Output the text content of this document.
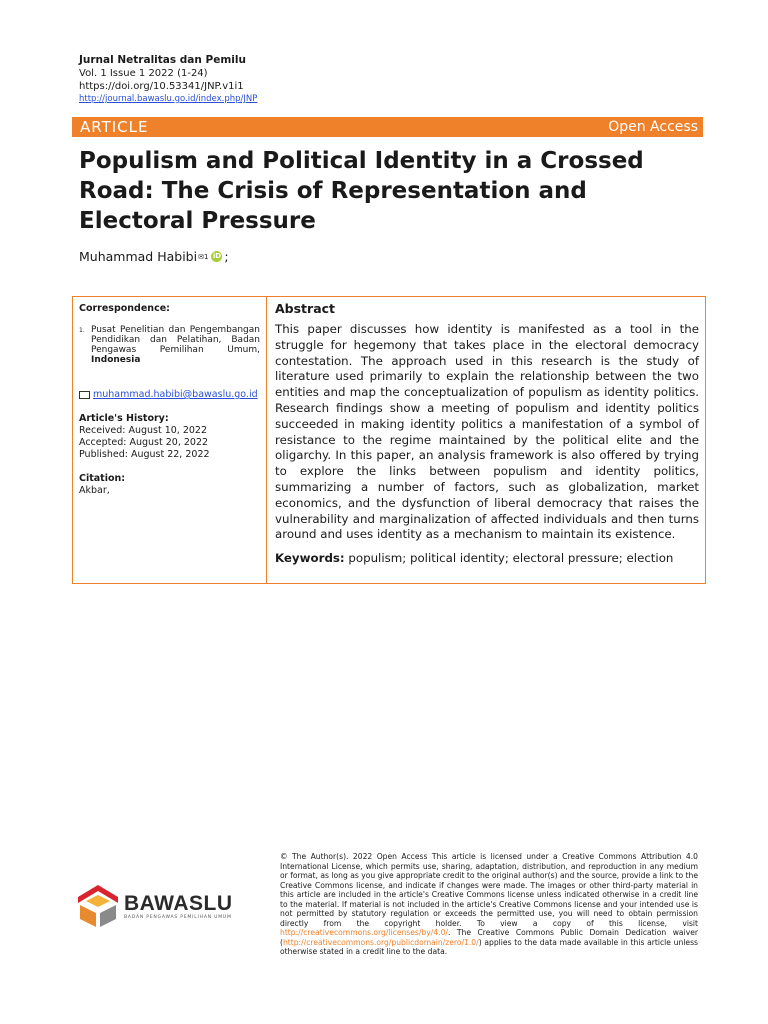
Jurnal Netralitas dan Pemilu
Vol. 1 Issue 1 2022 (1-24)
https://doi.org/10.53341/JNP.v1i1
http://journal.bawaslu.go.id/index.php/JNP
ARTICLE	Open Access
Populism and Political Identity in a Crossed Road: The Crisis of Representation and Electoral Pressure
Muhammad Habibi ✉1 iD ;
Correspondence:
1. Pusat Penelitian dan Pengembangan Pendidikan dan Pelatihan, Badan Pengawas Pemilihan Umum, Indonesia
muhammad.habibi@bawaslu.go.id
Article's History:
Received: August 10, 2022
Accepted: August 20, 2022
Published: August 22, 2022
Citation:
Akbar,
Abstract

This paper discusses how identity is manifested as a tool in the struggle for hegemony that takes place in the electoral democracy contestation. The approach used in this research is the study of literature used primarily to explain the relationship between the two entities and map the conceptualization of populism as identity politics. Research findings show a meeting of populism and identity politics succeeded in making identity politics a manifestation of a symbol of resistance to the regime maintained by the political elite and the oligarchy. In this paper, an analysis framework is also offered by trying to explore the links between populism and identity politics, summarizing a number of factors, such as globalization, market economics, and the dysfunction of liberal democracy that raises the vulnerability and marginalization of affected individuals and then turns around and uses identity as a mechanism to maintain its existence.

Keywords: populism; political identity; electoral pressure; election
BAWASLU
BADAN PENGAWAS PEMILIHAN UMUM

© The Author(s). 2022 Open Access This article is licensed under a Creative Commons Attribution 4.0 International License, which permits use, sharing, adaptation, distribution, and reproduction in any medium or format, as long as you give appropriate credit to the original author(s) and the source, provide a link to the Creative Commons license, and indicate if changes were made. The images or other third-party material in this article are included in the article's Creative Commons license unless indicated otherwise in a credit line to the material. If material is not included in the article's Creative Commons license and your intended use is not permitted by statutory regulation or exceeds the permitted use, you will need to obtain permission directly from the copyright holder. To view a copy of this license, visit http://creativecommons.org/licenses/by/4.0/. The Creative Commons Public Domain Dedication waiver (http://creativecommons.org/publicdomain/zero/1.0/) applies to the data made available in this article unless otherwise stated in a credit line to the data.
